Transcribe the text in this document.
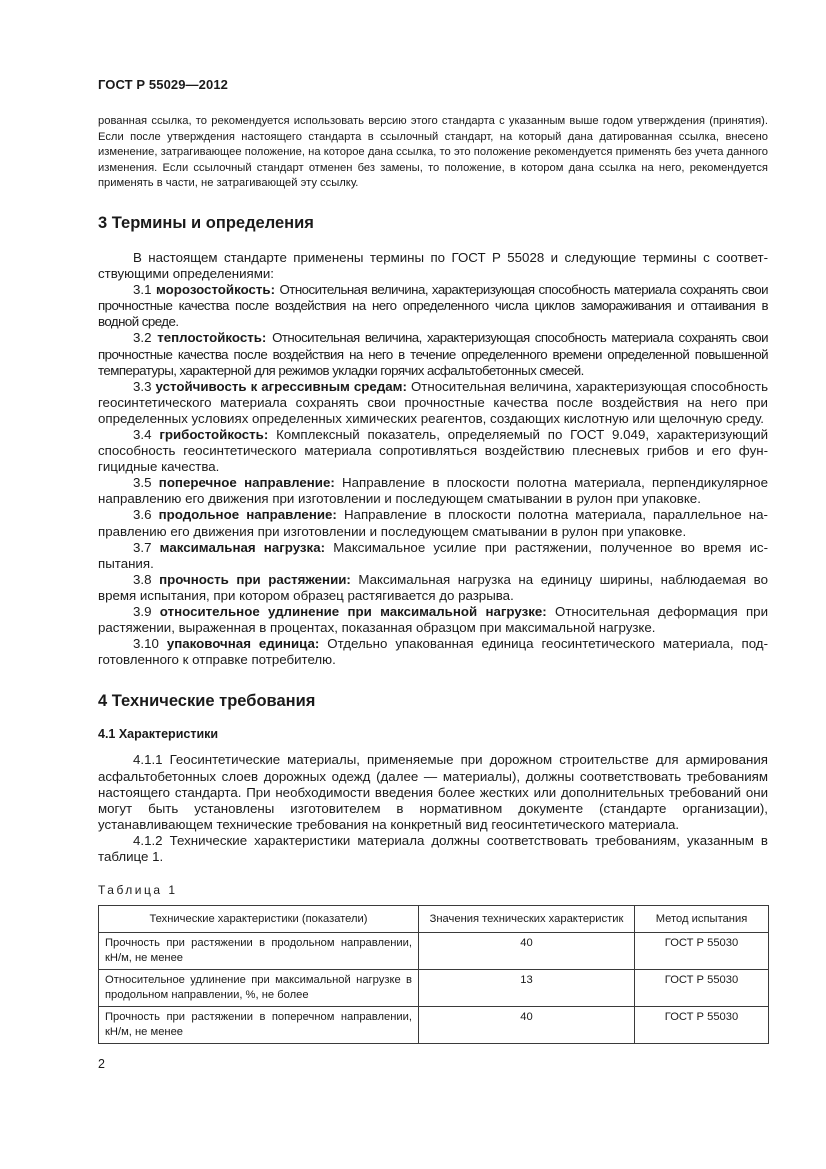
ГОСТ Р 55029—2012

рованная ссылка, то рекомендуется использовать версию этого стандарта с указанным выше годом утверждения (принятия). Если после утверждения настоящего стандарта в ссылочный стандарт, на который дана датированная ссылка, внесено изменение, затрагивающее положение, на которое дана ссылка, то это положение рекомендуется применять без учета данного изменения. Если ссылочный стандарт отменен без замены, то положение, в котором дана ссылка на него, рекомендуется применять в части, не затрагивающей эту ссылку.

3 Термины и определения

В настоящем стандарте применены термины по ГОСТ Р 55028 и следующие термины с соответствующими определениями:

3.1 морозостойкость: Относительная величина, характеризующая способность материала сохранять свои прочностные качества после воздействия на него определенного числа циклов замораживания и оттаивания в водной среде.

3.2 теплостойкость: Относительная величина, характеризующая способность материала сохранять свои прочностные качества после воздействия на него в течение определенного времени определенной повышенной температуры, характерной для режимов укладки горячих асфальтобетонных смесей.

3.3 устойчивость к агрессивным средам: Относительная величина, характеризующая способность геосинтетического материала сохранять свои прочностные качества после воздействия на него при определенных условиях определенных химических реагентов, создающих кислотную или щелочную среду.

3.4 грибостойкость: Комплексный показатель, определяемый по ГОСТ 9.049, характеризующий способность геосинтетического материала сопротивляться воздействию плесневых грибов и его фунгицидные качества.

3.5 поперечное направление: Направление в плоскости полотна материала, перпендикулярное направлению его движения при изготовлении и последующем сматывании в рулон при упаковке.

3.6 продольное направление: Направление в плоскости полотна материала, параллельное направлению его движения при изготовлении и последующем сматывании в рулон при упаковке.

3.7 максимальная нагрузка: Максимальное усилие при растяжении, полученное во время испытания.

3.8 прочность при растяжении: Максимальная нагрузка на единицу ширины, наблюдаемая во время испытания, при котором образец растягивается до разрыва.

3.9 относительное удлинение при максимальной нагрузке: Относительная деформация при растяжении, выраженная в процентах, показанная образцом при максимальной нагрузке.

3.10 упаковочная единица: Отдельно упакованная единица геосинтетического материала, подготовленного к отправке потребителю.

4 Технические требования
4.1 Характеристики

4.1.1 Геосинтетические материалы, применяемые при дорожном строительстве для армирования асфальтобетонных слоев дорожных одежд (далее — материалы), должны соответствовать требованиям настоящего стандарта. При необходимости введения более жестких или дополнительных требований они могут быть установлены изготовителем в нормативном документе (стандарте организации), устанавливающем технические требования на конкретный вид геосинтетического материала.

4.1.2 Технические характеристики материала должны соответствовать требованиям, указанным в таблице 1.

Таблица 1

Технические характеристики (показатели)	Значения технических характеристик	Метод испытания
Прочность при растяжении в продольном направлении, кН/м, не менее	40	ГОСТ Р 55030
Относительное удлинение при максимальной нагрузке в продольном направлении, %, не более	13	ГОСТ Р 55030
Прочность при растяжении в поперечном направлении, кН/м, не менее	40	ГОСТ Р 55030
2
